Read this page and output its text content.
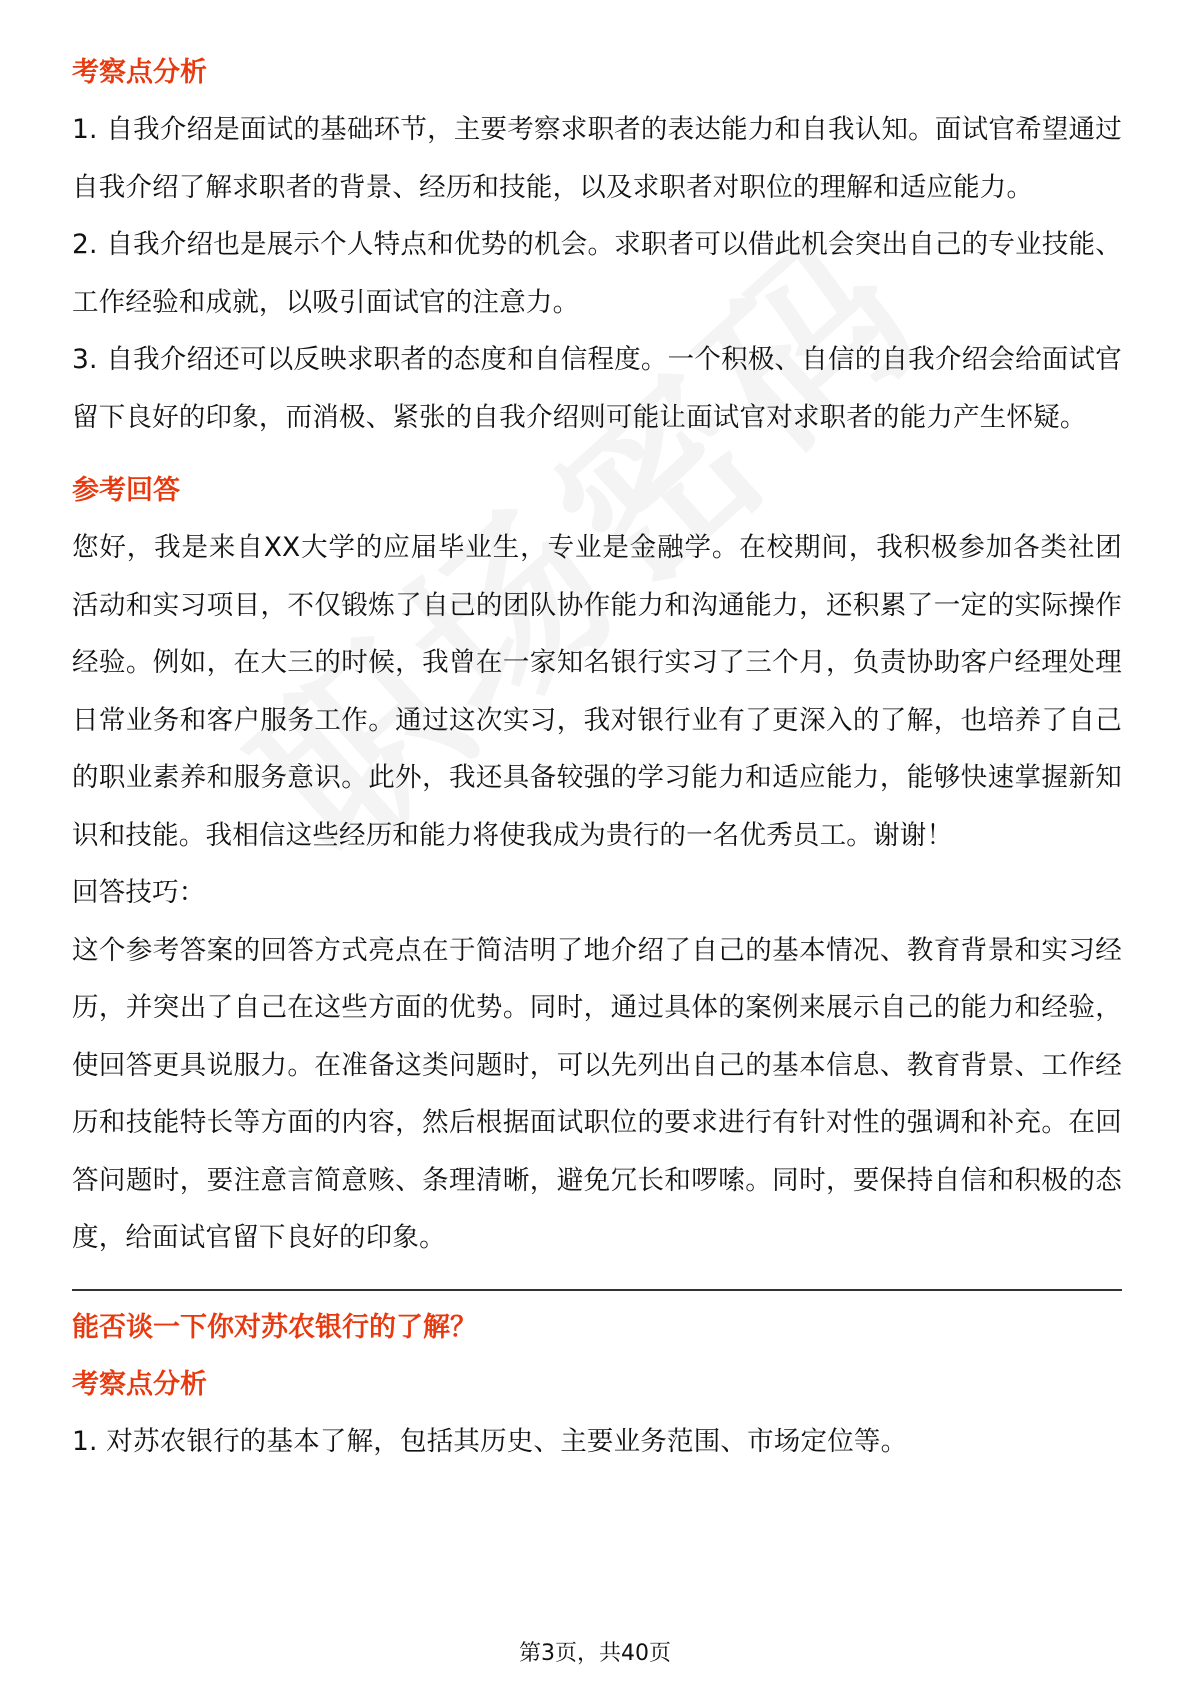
考察点分析

1. 自我介绍是面试的基础环节，主要考察求职者的表达能力和自我认知。面试官希望通过自我介绍了解求职者的背景、经历和技能，以及求职者对职位的理解和适应能力。

2. 自我介绍也是展示个人特点和优势的机会。求职者可以借此机会突出自己的专业技能、工作经验和成就，以吸引面试官的注意力。

3. 自我介绍还可以反映求职者的态度和自信程度。一个积极、自信的自我介绍会给面试官留下良好的印象，而消极、紧张的自我介绍则可能让面试官对求职者的能力产生怀疑。

参考回答

您好，我是来自XX大学的应届毕业生，专业是金融学。在校期间，我积极参加各类社团活动和实习项目，不仅锻炼了自己的团队协作能力和沟通能力，还积累了一定的实际操作经验。例如，在大三的时候，我曾在一家知名银行实习了三个月，负责协助客户经理处理日常业务和客户服务工作。通过这次实习，我对银行业有了更深入的了解，也培养了自己的职业素养和服务意识。此外，我还具备较强的学习能力和适应能力，能够快速掌握新知识和技能。我相信这些经历和能力将使我成为贵行的一名优秀员工。谢谢！

回答技巧：

这个参考答案的回答方式亮点在于简洁明了地介绍了自己的基本情况、教育背景和实习经历，并突出了自己在这些方面的优势。同时，通过具体的案例来展示自己的能力和经验，使回答更具说服力。在准备这类问题时，可以先列出自己的基本信息、教育背景、工作经历和技能特长等方面的内容，然后根据面试职位的要求进行有针对性的强调和补充。在回答问题时，要注意言简意赅、条理清晰，避免冗长和啰嗦。同时，要保持自信和积极的态度，给面试官留下良好的印象。

能否谈一下你对苏农银行的了解？
考察点分析

1. 对苏农银行的基本了解，包括其历史、主要业务范围、市场定位等。

第3页，共40页
